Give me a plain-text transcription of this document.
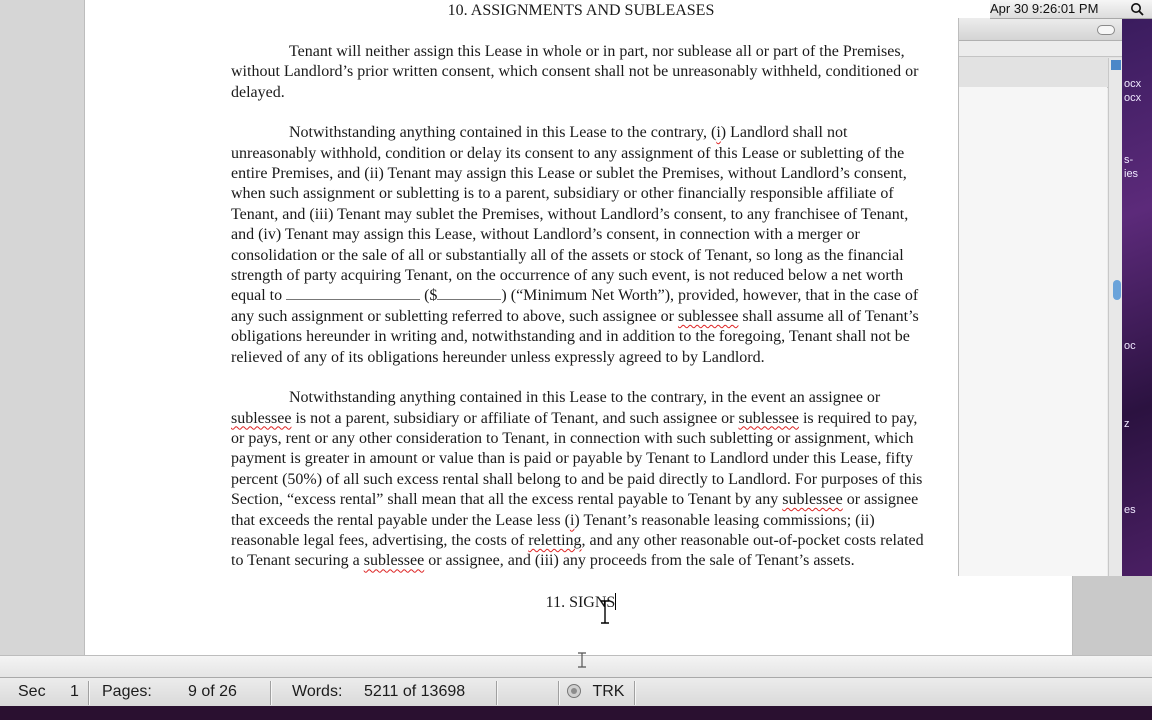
10. ASSIGNMENTS AND SUBLEASES

Tenant will neither assign this Lease in whole or in part, nor sublease all or part of the Premises, without Landlord’s prior written consent, which consent shall not be unreasonably withheld, conditioned or delayed.

Notwithstanding anything contained in this Lease to the contrary, (i) Landlord shall not unreasonably withhold, condition or delay its consent to any assignment of this Lease or subletting of the entire Premises, and (ii) Tenant may assign this Lease or sublet the Premises, without Landlord’s consent, when such assignment or subletting is to a parent, subsidiary or other financially responsible affiliate of Tenant, and (iii) Tenant may sublet the Premises, without Landlord’s consent, to any franchisee of Tenant, and (iv) Tenant may assign this Lease, without Landlord’s consent, in connection with a merger or consolidation or the sale of all or substantially all of the assets or stock of Tenant, so long as the financial strength of party acquiring Tenant, on the occurrence of any such event, is not reduced below a net worth equal to	($	) (“Minimum Net Worth”), provided, however, that in the case of any such assignment or subletting referred to above, such assignee or sublessee shall assume all of Tenant’s obligations hereunder in writing and, notwithstanding and in addition to the foregoing, Tenant shall not be relieved of any of its obligations hereunder unless expressly agreed to by Landlord.

Notwithstanding anything contained in this Lease to the contrary, in the event an assignee or sublessee is not a parent, subsidiary or affiliate of Tenant, and such assignee or sublessee is required to pay, or pays, rent or any other consideration to Tenant, in connection with such subletting or assignment, which payment is greater in amount or value than is paid or payable by Tenant to Landlord under this Lease, fifty percent (50%) of all such excess rental shall belong to and be paid directly to Landlord. For purposes of this Section, “excess rental” shall mean that all the excess rental payable to Tenant by any sublessee or assignee that exceeds the rental payable under the Lease less (i) Tenant’s reasonable leasing commissions; (ii) reasonable legal fees, advertising, the costs of reletting, and any other reasonable out-of-pocket costs related to Tenant securing a sublessee or assignee, and (iii) any proceeds from the sale of Tenant’s assets.

11. SIGNS

ocx
ocx
s-
ies
oc
z
es
Apr 30 9:26:01 PM
Sec 1 Pages: 9 of 26	Words: 5211 of 13698	TRK
